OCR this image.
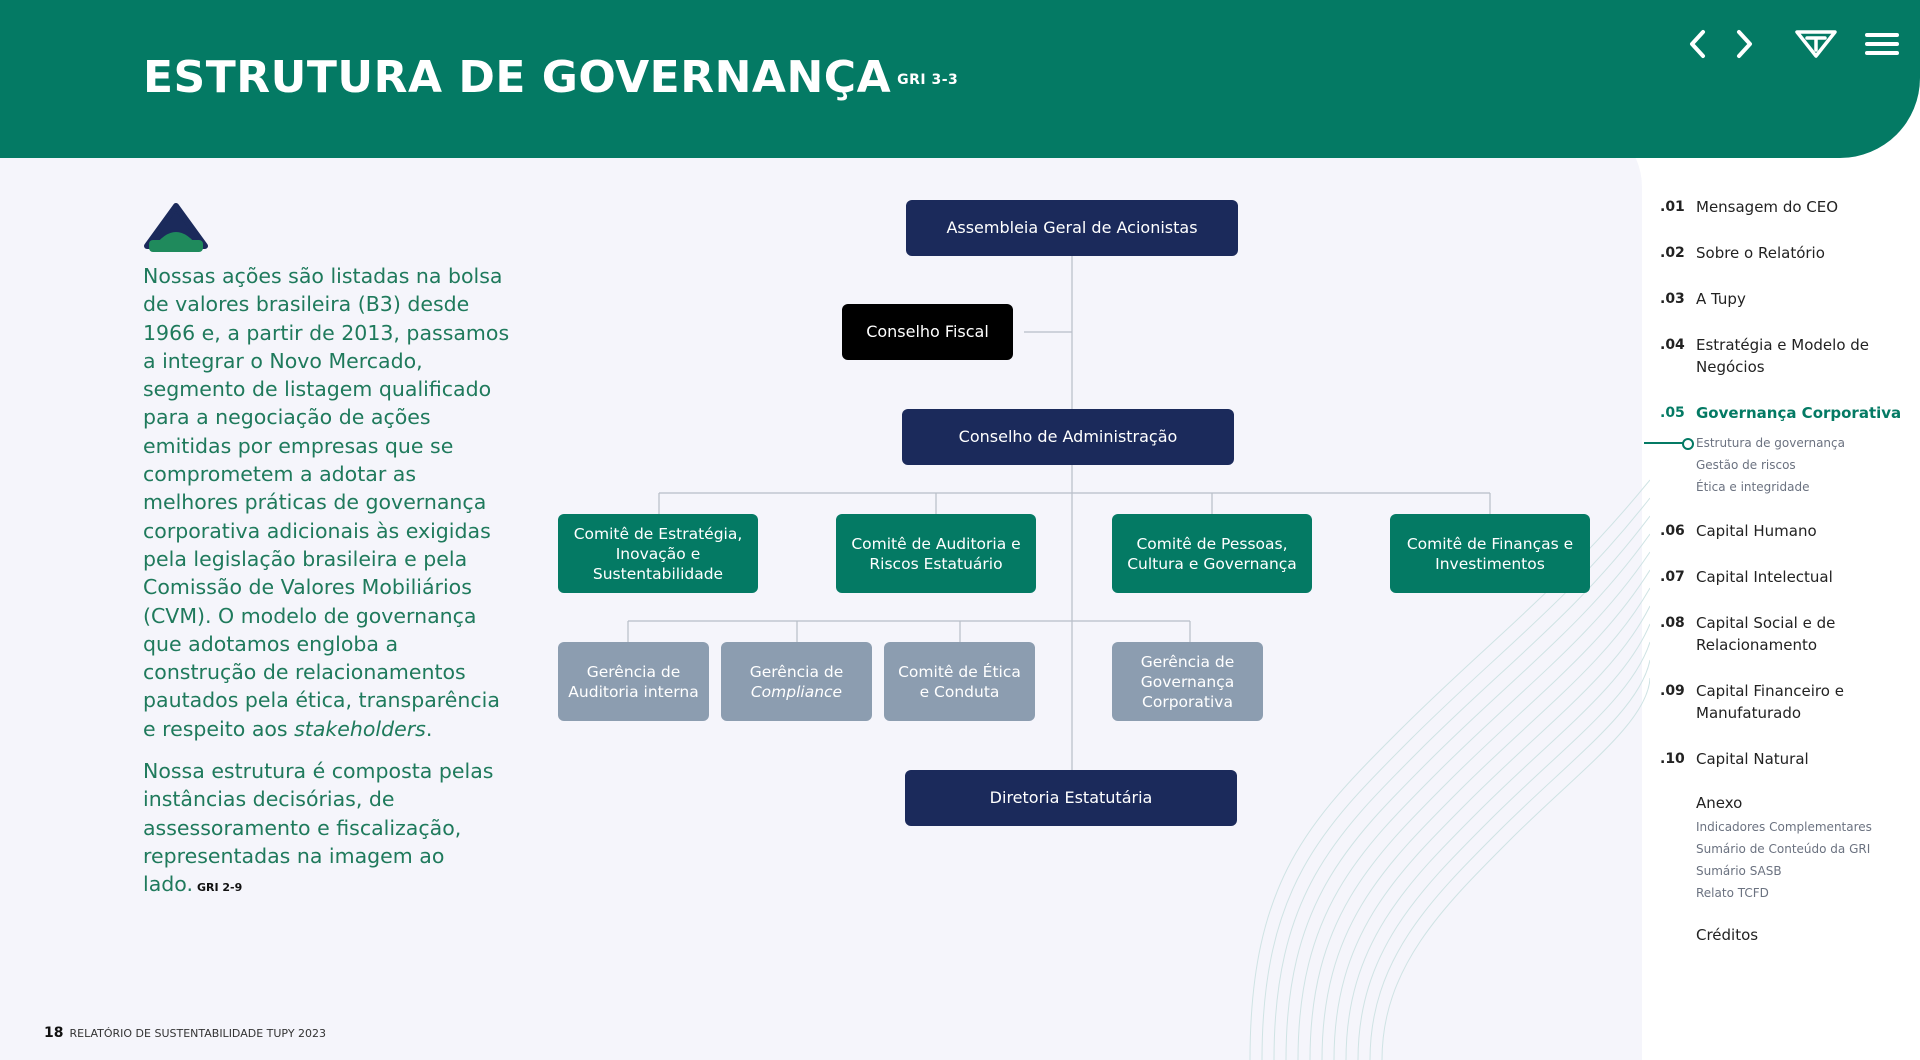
ESTRUTURA DE GOVERNANÇA GRI 3-3

Nossas ações são listadas na bolsa de valores brasileira (B3) desde 1966 e, a partir de 2013, passamos a integrar o Novo Mercado, segmento de listagem qualificado para a negociação de ações emitidas por empresas que se comprometem a adotar as melhores práticas de governança corporativa adicionais às exigidas pela legislação brasileira e pela Comissão de Valores Mobiliários (CVM). O modelo de governança que adotamos engloba a construção de relacionamentos pautados pela ética, transparência e respeito aos stakeholders.

Nossa estrutura é composta pelas instâncias decisórias, de assessoramento e fiscalização, representadas na imagem ao lado. GRI 2-9

Assembleia Geral de Acionistas
Conselho Fiscal
Conselho de Administração
Comitê de Estratégia, Inovação e Sustentabilidade
Comitê de Auditoria e Riscos Estatuário
Comitê de Pessoas, Cultura e Governança
Comitê de Finanças e Investimentos
Gerência de Auditoria interna
Gerência de
Compliance
Comitê de Ética e Conduta
Gerência de Governança Corporativa
Diretoria Estatutária
.01 Mensagem do CEO
.02 Sobre o Relatório
.03 A Tupy
.04 Estratégia e Modelo de Negócios
.05 Governança Corporativa
Estrutura de governança
Gestão de riscos
Ética e integridade
.06 Capital Humano
.07 Capital Intelectual
.08 Capital Social e de Relacionamento
.09 Capital Financeiro e Manufaturado
.10 Capital Natural
Anexo
Indicadores Complementares
Sumário de Conteúdo da GRI
Sumário SASB
Relato TCFD
Créditos
18 RELATÓRIO DE SUSTENTABILIDADE TUPY 2023
